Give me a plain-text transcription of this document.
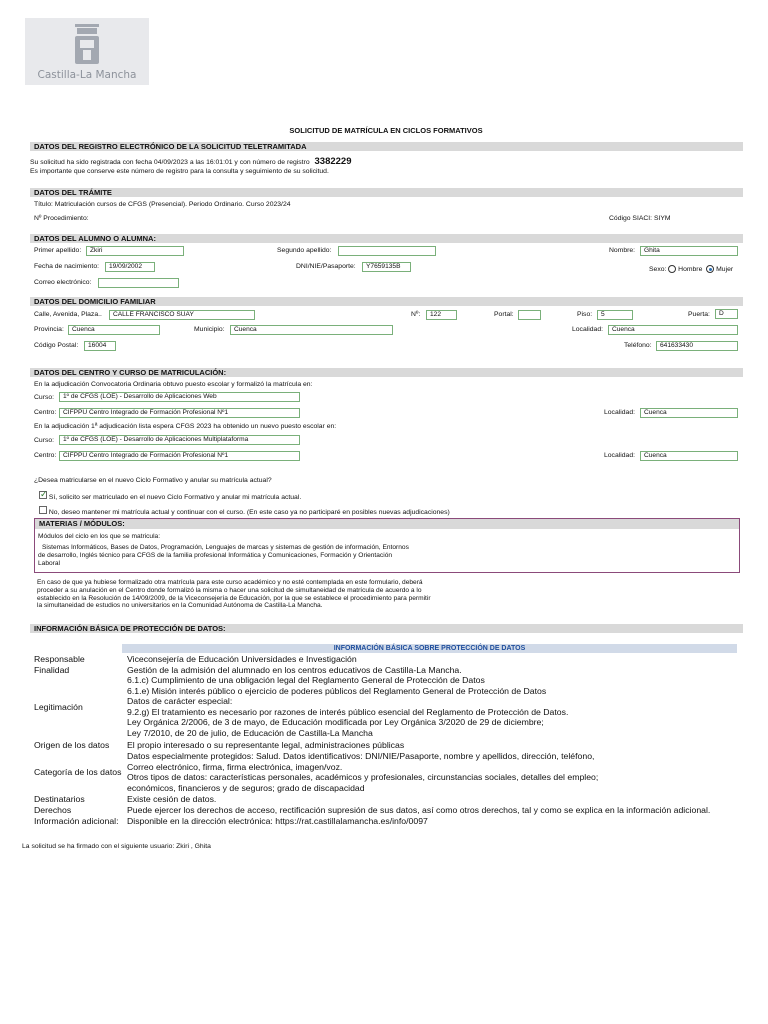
Castilla-La Mancha
SOLICITUD DE MATRÍCULA EN CICLOS FORMATIVOS
DATOS DEL REGISTRO ELECTRÓNICO DE LA SOLICITUD TELETRAMITADA
Su solicitud ha sido registrada con fecha 04/09/2023 a las 16:01:01 y con número de registro 3382229
Es importante que conserve este número de registro para la consulta y seguimiento de su solicitud.
DATOS DEL TRÁMITE
Título: Matriculación cursos de CFGS (Presencial). Periodo Ordinario. Curso 2023/24
Nº Procedimiento:	Código SIACI: SIYM
DATOS DEL ALUMNO O ALUMNA:
Primer apellido:	Zkiri	Segundo apellido:	Nombre:	Ghita
Fecha de nacimiento:	19/09/2002	DNI/NIE/Pasaporte:	Y7659135B	Sexo: Hombre Mujer
Correo electrónico:
DATOS DEL DOMICILIO FAMILIAR
Calle, Avenida, Plaza..	CALLE FRANCISCO SUAY	Nº:	122	Portal:	Piso:	5	Puerta:	D
Provincia:	Cuenca	Municipio:	Cuenca	Localidad:	Cuenca
Código Postal:	16004	Teléfono:	641633430
DATOS DEL CENTRO Y CURSO DE MATRICULACIÓN:
En la adjudicación Convocatoria Ordinaria obtuvo puesto escolar y formalizó la matrícula en:
Curso:	1º de CFGS (LOE) - Desarrollo de Aplicaciones Web
Centro:	CIFPPU Centro Integrado de Formación Profesional Nº1	Localidad:	Cuenca
En la adjudicación 1ª adjudicación lista espera CFGS 2023 ha obtenido un nuevo puesto escolar en:
Curso:	1º de CFGS (LOE) - Desarrollo de Aplicaciones Multiplataforma
Centro:	CIFPPU Centro Integrado de Formación Profesional Nº1	Localidad:	Cuenca
¿Desea matricularse en el nuevo Ciclo Formativo y anular su matrícula actual?
✓ Sí, solicito ser matriculado en el nuevo Ciclo Formativo y anular mi matrícula actual.
No, deseo mantener mi matrícula actual y continuar con el curso. (En este caso ya no participaré en posibles nuevas adjudicaciones)
MATERIAS / MÓDULOS:
Módulos del ciclo en los que se matricula:
Sistemas Informáticos, Bases de Datos, Programación, Lenguajes de marcas y sistemas de gestión de información, Entornos
de desarrollo, Inglés técnico para CFGS de la familia profesional Informática y Comunicaciones, Formación y Orientación
Laboral
En caso de que ya hubiese formalizado otra matrícula para este curso académico y no esté contemplada en este formulario, deberá
proceder a su anulación en el Centro donde formalizó la misma o hacer una solicitud de simultaneidad de matrícula de acuerdo a lo
establecido en la Resolución de 14/09/2009, de la Viceconsejería de Educación, por la que se establece el procedimiento para permitir
la simultaneidad de estudios no universitarios en la Comunidad Autónoma de Castilla-La Mancha.
INFORMACIÓN BÁSICA DE PROTECCIÓN DE DATOS:
INFORMACIÓN BÁSICA SOBRE PROTECCIÓN DE DATOS
Responsable	Viceconsejería de Educación Universidades e Investigación
Finalidad	Gestión de la admisión del alumnado en los centros educativos de Castilla-La Mancha.
Legitimación
6.1.c) Cumplimiento de una obligación legal del Reglamento General de Protección de Datos
6.1.e) Misión interés público o ejercicio de poderes públicos del Reglamento General de Protección de Datos
Datos de carácter especial:
9.2.g) El tratamiento es necesario por razones de interés público esencial del Reglamento de Protección de Datos.
Ley Orgánica 2/2006, de 3 de mayo, de Educación modificada por Ley Orgánica 3/2020 de 29 de diciembre;
Ley 7/2010, de 20 de julio, de Educación de Castilla-La Mancha
Origen de los datos El propio interesado o su representante legal, administraciones públicas
Categoría de los datos
Datos especialmente protegidos: Salud. Datos identificativos: DNI/NIE/Pasaporte, nombre y apellidos, dirección, teléfono,
Correo electrónico, firma, firma electrónica, imagen/voz.
Otros tipos de datos: características personales, académicos y profesionales, circunstancias sociales, detalles del empleo;
económicos, financieros y de seguros; grado de discapacidad
Destinatarios	Existe cesión de datos.
Derechos	Puede ejercer los derechos de acceso, rectificación supresión de sus datos, así como otros derechos, tal y como se explica en la información adicional.
Información adicional: Disponible en la dirección electrónica: https://rat.castillalamancha.es/info/0097
La solicitud se ha firmado con el siguiente usuario: Zkiri , Ghita
